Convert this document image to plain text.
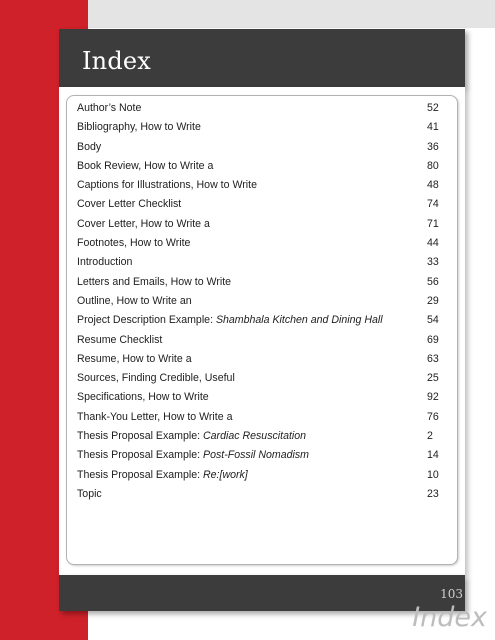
Index
Author’s Note	52
Bibliography, How to Write	41
Body	36
Book Review, How to Write a	80
Captions for Illustrations, How to Write	48
Cover Letter Checklist	74
Cover Letter, How to Write a	71
Footnotes, How to Write	44
Introduction	33
Letters and Emails, How to Write	56
Outline, How to Write an	29
Project Description Example: Shambhala Kitchen and Dining Hall	54
Resume Checklist	69
Resume, How to Write a	63
Sources, Finding Credible, Useful	25
Specifications, How to Write	92
Thank-You Letter, How to Write a	76
Thesis Proposal Example: Cardiac Resuscitation	2
Thesis Proposal Example: Post-Fossil Nomadism	14
Thesis Proposal Example: Re:[work]	10
Topic	23
103
Index
